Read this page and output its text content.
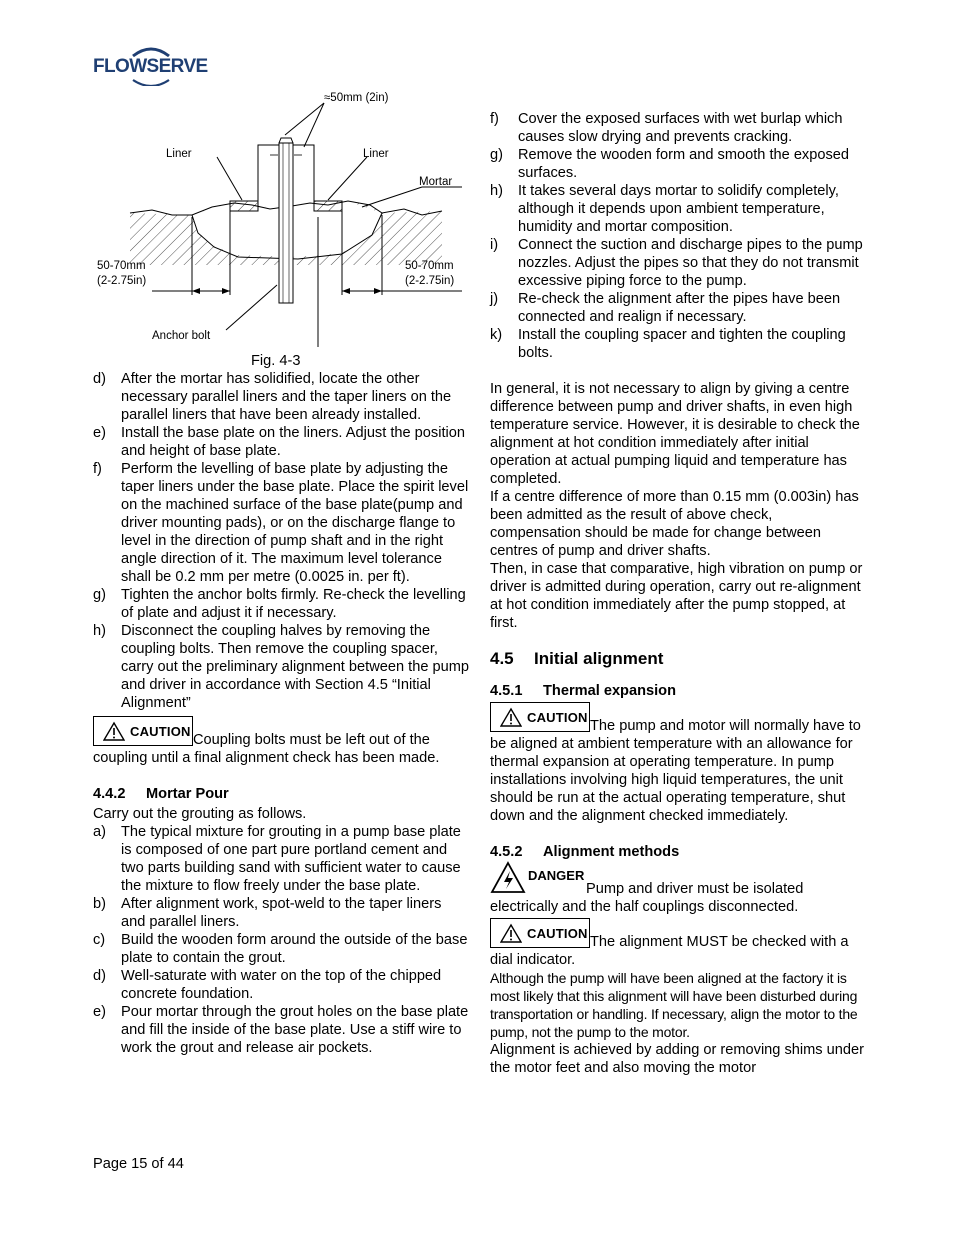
FLOWSERVE
≈50mm (2in)
Liner	Liner
Mortar
50-70mm
(2-2.75in)
50-70mm
(2-2.75in)
Anchor bolt
Fig. 4-3
d)	After the mortar has solidified, locate the other necessary parallel liners and the taper liners on the parallel liners that have been already installed.
e)	Install the base plate on the liners. Adjust the position and height of base plate.
f)	Perform the levelling of base plate by adjusting the taper liners under the base plate. Place the spirit level on the machined surface of the base plate(pump and driver mounting pads), or on the discharge flange to level in the direction of pump shaft and in the right angle direction of it. The maximum level tolerance shall be 0.2 mm per metre (0.0025 in. per ft).
g)	Tighten the anchor bolts firmly. Re-check the levelling of plate and adjust it if necessary.
h)	Disconnect the coupling halves by removing the coupling bolts. Then remove the coupling spacer, carry out the preliminary alignment between the pump and driver in accordance with Section 4.5 “Initial Alignment”

CAUTION
Coupling bolts must be left out of the coupling until a final alignment check has been made.

4.4.2 Mortar Pour

Carry out the grouting as follows.

a)	The typical mixture for grouting in a pump base plate is composed of one part pure portland cement and two parts building sand with sufficient water to cause the mixture to flow freely under the base plate.
b)	After alignment work, spot-weld to the taper liners and parallel liners.
c)	Build the wooden form around the outside of the base plate to contain the grout.
d)	Well-saturate with water on the top of the chipped concrete foundation.
e)	Pour mortar through the grout holes on the base plate and fill the inside of the base plate. Use a stiff wire to work the grout and release air pockets.
f)	Cover the exposed surfaces with wet burlap which causes slow drying and prevents cracking.
g)	Remove the wooden form and smooth the exposed surfaces.
h)	It takes several days mortar to solidify completely, although it depends upon ambient temperature, humidity and mortar composition.
i)	Connect the suction and discharge pipes to the pump nozzles. Adjust the pipes so that they do not transmit excessive piping force to the pump.
j)	Re-check the alignment after the pipes have been connected and realign if necessary.
k)	Install the coupling spacer and tighten the coupling bolts.

In general, it is not necessary to align by giving a centre difference between pump and driver shafts, in even high temperature service. However, it is desirable to check the alignment at hot condition immediately after initial operation at actual pumping liquid and temperature has completed.

If a centre difference of more than 0.15 mm (0.003in) has been admitted as the result of above check, compensation should be made for change between centres of pump and driver shafts.

Then, in case that comparative, high vibration on pump or driver is admitted during operation, carry out re-alignment at hot condition immediately after the pump stopped, at first.

4.5 Initial alignment
4.5.1 Thermal expansion

CAUTION
The pump and motor will normally have to be aligned at ambient temperature with an allowance for thermal expansion at operating temperature. In pump installations involving high liquid temperatures, the unit should be run at the actual operating temperature, shut down and the alignment checked immediately.

4.5.2 Alignment methods

DANGER
Pump and driver must be isolated electrically and the half couplings disconnected.

CAUTION
The alignment MUST be checked with a dial indicator.

Although the pump will have been aligned at the factory it is most likely that this alignment will have been disturbed during transportation or handling. If necessary, align the motor to the pump, not the pump to the motor.

Alignment is achieved by adding or removing shims under the motor feet and also moving the motor

Page 15 of 44
